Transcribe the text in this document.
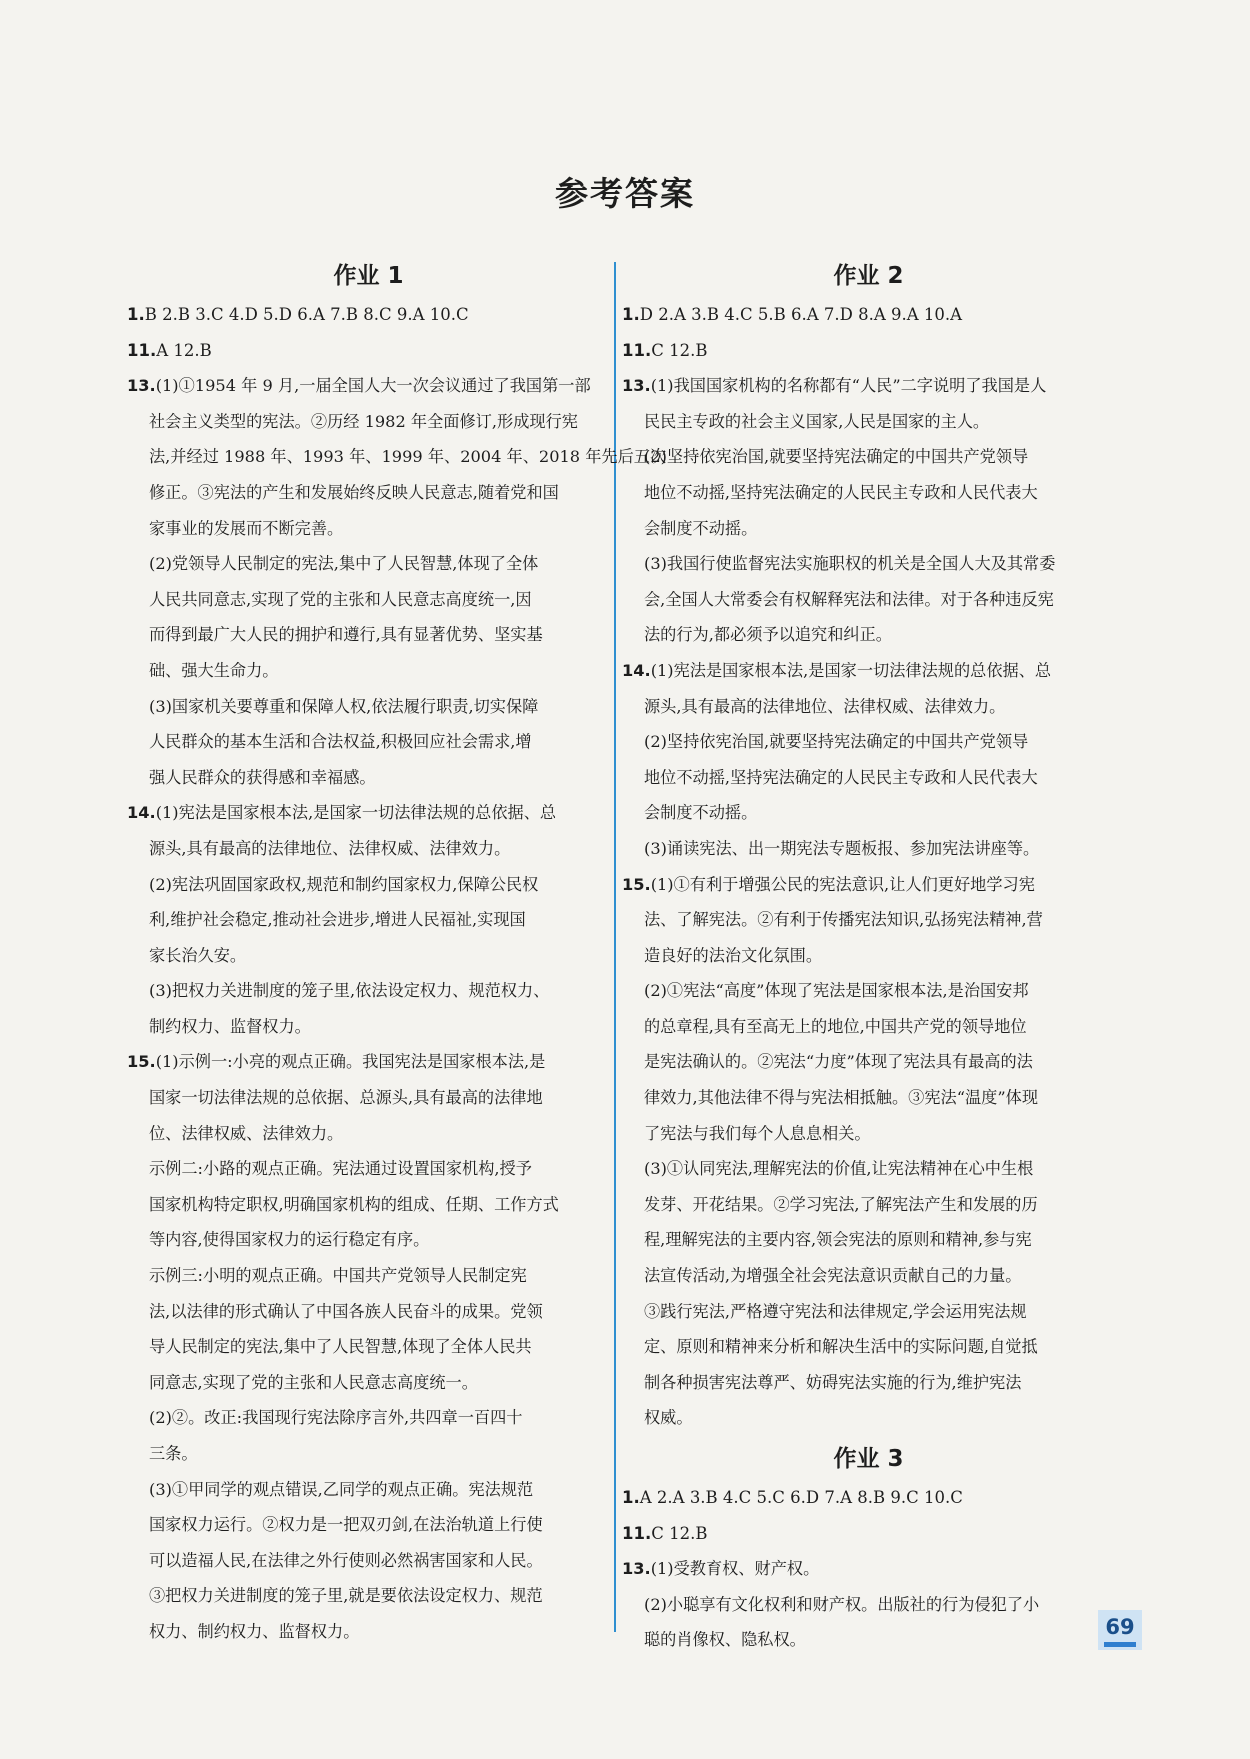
参考答案
作业 1
1.B 2.B 3.C 4.D 5.D 6.A 7.B 8.C 9.A 10.C
11.A 12.B
13.(1)①1954 年 9 月,一届全国人大一次会议通过了我国第一部
社会主义类型的宪法。②历经 1982 年全面修订,形成现行宪
法,并经过 1988 年、1993 年、1999 年、2004 年、2018 年先后五次
修正。③宪法的产生和发展始终反映人民意志,随着党和国
家事业的发展而不断完善。
(2)党领导人民制定的宪法,集中了人民智慧,体现了全体
人民共同意志,实现了党的主张和人民意志高度统一,因
而得到最广大人民的拥护和遵行,具有显著优势、坚实基
础、强大生命力。
(3)国家机关要尊重和保障人权,依法履行职责,切实保障
人民群众的基本生活和合法权益,积极回应社会需求,增
强人民群众的获得感和幸福感。
14.(1)宪法是国家根本法,是国家一切法律法规的总依据、总
源头,具有最高的法律地位、法律权威、法律效力。
(2)宪法巩固国家政权,规范和制约国家权力,保障公民权
利,维护社会稳定,推动社会进步,增进人民福祉,实现国
家长治久安。
(3)把权力关进制度的笼子里,依法设定权力、规范权力、
制约权力、监督权力。
15.(1)示例一:小亮的观点正确。我国宪法是国家根本法,是
国家一切法律法规的总依据、总源头,具有最高的法律地
位、法律权威、法律效力。
示例二:小路的观点正确。宪法通过设置国家机构,授予
国家机构特定职权,明确国家机构的组成、任期、工作方式
等内容,使得国家权力的运行稳定有序。
示例三:小明的观点正确。中国共产党领导人民制定宪
法,以法律的形式确认了中国各族人民奋斗的成果。党领
导人民制定的宪法,集中了人民智慧,体现了全体人民共
同意志,实现了党的主张和人民意志高度统一。
(2)②。改正:我国现行宪法除序言外,共四章一百四十
三条。
(3)①甲同学的观点错误,乙同学的观点正确。宪法规范
国家权力运行。②权力是一把双刃剑,在法治轨道上行使
可以造福人民,在法律之外行使则必然祸害国家和人民。
③把权力关进制度的笼子里,就是要依法设定权力、规范
权力、制约权力、监督权力。
作业 2
1.D 2.A 3.B 4.C 5.B 6.A 7.D 8.A 9.A 10.A
11.C 12.B
13.(1)我国国家机构的名称都有“人民”二字说明了我国是人
民民主专政的社会主义国家,人民是国家的主人。
(2)坚持依宪治国,就要坚持宪法确定的中国共产党领导
地位不动摇,坚持宪法确定的人民民主专政和人民代表大
会制度不动摇。
(3)我国行使监督宪法实施职权的机关是全国人大及其常委
会,全国人大常委会有权解释宪法和法律。对于各种违反宪
法的行为,都必须予以追究和纠正。
14.(1)宪法是国家根本法,是国家一切法律法规的总依据、总
源头,具有最高的法律地位、法律权威、法律效力。
(2)坚持依宪治国,就要坚持宪法确定的中国共产党领导
地位不动摇,坚持宪法确定的人民民主专政和人民代表大
会制度不动摇。
(3)诵读宪法、出一期宪法专题板报、参加宪法讲座等。
15.(1)①有利于增强公民的宪法意识,让人们更好地学习宪
法、了解宪法。②有利于传播宪法知识,弘扬宪法精神,营
造良好的法治文化氛围。
(2)①宪法“高度”体现了宪法是国家根本法,是治国安邦
的总章程,具有至高无上的地位,中国共产党的领导地位
是宪法确认的。②宪法“力度”体现了宪法具有最高的法
律效力,其他法律不得与宪法相抵触。③宪法“温度”体现
了宪法与我们每个人息息相关。
(3)①认同宪法,理解宪法的价值,让宪法精神在心中生根
发芽、开花结果。②学习宪法,了解宪法产生和发展的历
程,理解宪法的主要内容,领会宪法的原则和精神,参与宪
法宣传活动,为增强全社会宪法意识贡献自己的力量。
③践行宪法,严格遵守宪法和法律规定,学会运用宪法规
定、原则和精神来分析和解决生活中的实际问题,自觉抵
制各种损害宪法尊严、妨碍宪法实施的行为,维护宪法
权威。
作业 3
1.A 2.A 3.B 4.C 5.C 6.D 7.A 8.B 9.C 10.C
11.C 12.B
13.(1)受教育权、财产权。
(2)小聪享有文化权利和财产权。出版社的行为侵犯了小
聪的肖像权、隐私权。
69
